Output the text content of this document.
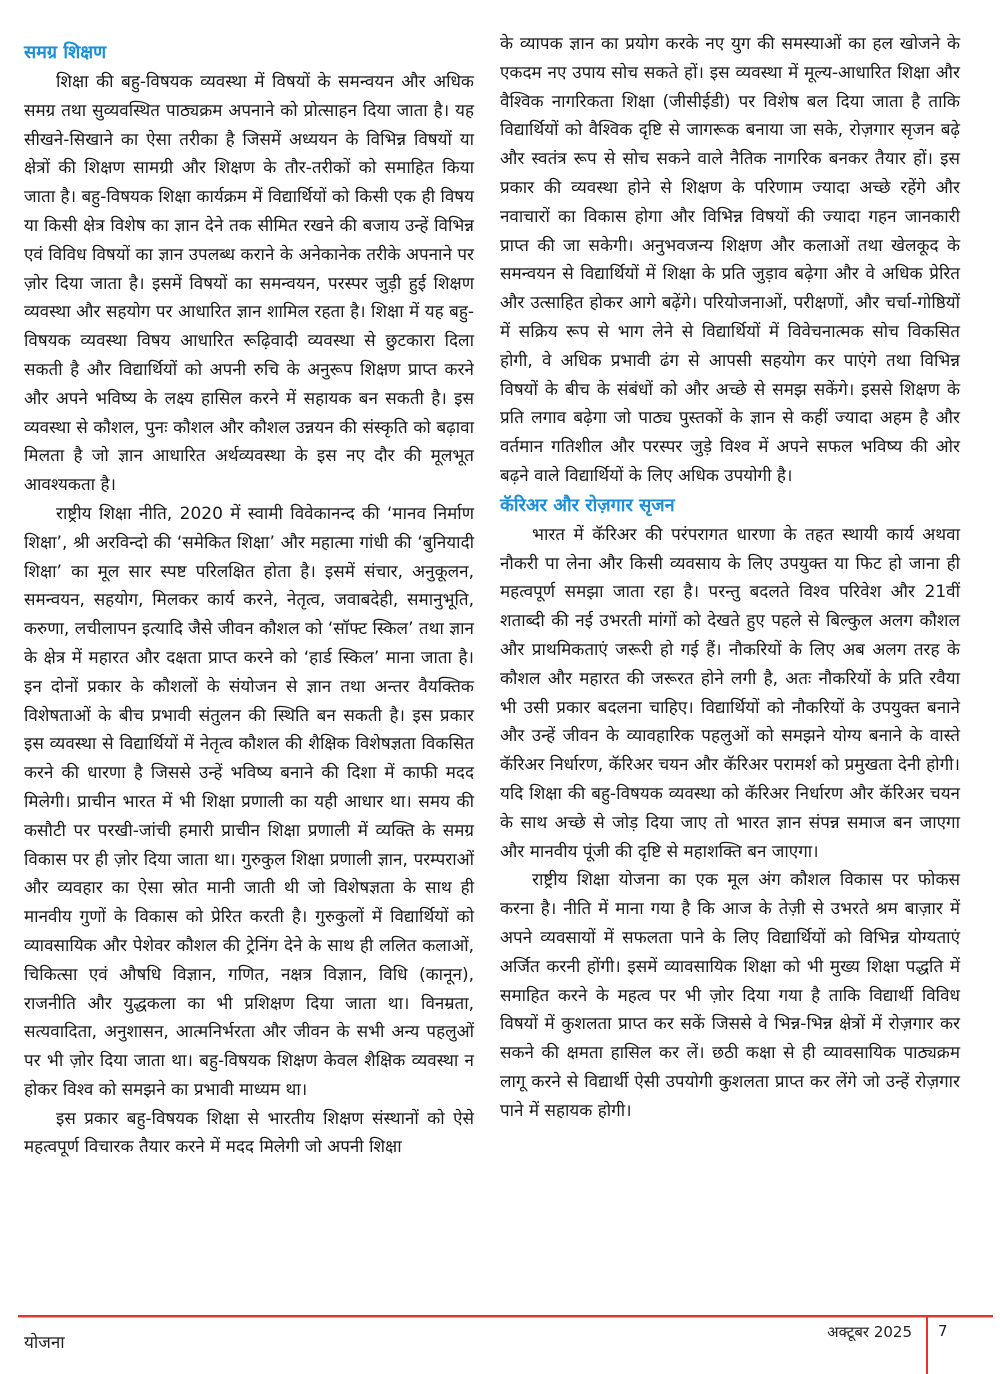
समग्र शिक्षण

शिक्षा की बहु-विषयक व्यवस्था में विषयों के समन्वयन और अधिक समग्र तथा सुव्यवस्थित पाठ्यक्रम अपनाने को प्रोत्साहन दिया जाता है। यह सीखने-सिखाने का ऐसा तरीका है जिसमें अध्ययन के विभिन्न विषयों या क्षेत्रों की शिक्षण सामग्री और शिक्षण के तौर-तरीकों को समाहित किया जाता है। बहु-विषयक शिक्षा कार्यक्रम में विद्यार्थियों को किसी एक ही विषय या किसी क्षेत्र विशेष का ज्ञान देने तक सीमित रखने की बजाय उन्हें विभिन्न एवं विविध विषयों का ज्ञान उपलब्ध कराने के अनेकानेक तरीके अपनाने पर ज़ोर दिया जाता है। इसमें विषयों का समन्वयन, परस्पर जुड़ी हुई शिक्षण व्यवस्था और सहयोग पर आधारित ज्ञान शामिल रहता है। शिक्षा में यह बहु-विषयक व्यवस्था विषय आधारित रूढ़िवादी व्यवस्था से छुटकारा दिला सकती है और विद्यार्थियों को अपनी रुचि के अनुरूप शिक्षण प्राप्त करने और अपने भविष्य के लक्ष्य हासिल करने में सहायक बन सकती है। इस व्यवस्था से कौशल, पुनः कौशल और कौशल उन्नयन की संस्कृति को बढ़ावा मिलता है जो ज्ञान आधारित अर्थव्यवस्था के इस नए दौर की मूलभूत आवश्यकता है।

राष्ट्रीय शिक्षा नीति, 2020 में स्वामी विवेकानन्द की ‘मानव निर्माण शिक्षा’, श्री अरविन्दो की ‘समेकित शिक्षा’ और महात्मा गांधी की ‘बुनियादी शिक्षा’ का मूल सार स्पष्ट परिलक्षित होता है। इसमें संचार, अनुकूलन, समन्वयन, सहयोग, मिलकर कार्य करने, नेतृत्व, जवाबदेही, समानुभूति, करुणा, लचीलापन इत्यादि जैसे जीवन कौशल को ‘सॉफ्ट स्किल’ तथा ज्ञान के क्षेत्र में महारत और दक्षता प्राप्त करने को ‘हार्ड स्किल’ माना जाता है। इन दोनों प्रकार के कौशलों के संयोजन से ज्ञान तथा अन्तर वैयक्तिक विशेषताओं के बीच प्रभावी संतुलन की स्थिति बन सकती है। इस प्रकार इस व्यवस्था से विद्यार्थियों में नेतृत्व कौशल की शैक्षिक विशेषज्ञता विकसित करने की धारणा है जिससे उन्हें भविष्य बनाने की दिशा में काफी मदद मिलेगी। प्राचीन भारत में भी शिक्षा प्रणाली का यही आधार था। समय की कसौटी पर परखी-जांची हमारी प्राचीन शिक्षा प्रणाली में व्यक्ति के समग्र विकास पर ही ज़ोर दिया जाता था। गुरुकुल शिक्षा प्रणाली ज्ञान, परम्पराओं और व्यवहार का ऐसा स्रोत मानी जाती थी जो विशेषज्ञता के साथ ही मानवीय गुणों के विकास को प्रेरित करती है। गुरुकुलों में विद्यार्थियों को व्यावसायिक और पेशेवर कौशल की ट्रेनिंग देने के साथ ही ललित कलाओं, चिकित्सा एवं औषधि विज्ञान, गणित, नक्षत्र विज्ञान, विधि (कानून), राजनीति और युद्धकला का भी प्रशिक्षण दिया जाता था। विनम्रता, सत्यवादिता, अनुशासन, आत्मनिर्भरता और जीवन के सभी अन्य पहलुओं पर भी ज़ोर दिया जाता था। बहु-विषयक शिक्षण केवल शैक्षिक व्यवस्था न होकर विश्व को समझने का प्रभावी माध्यम था।

इस प्रकार बहु-विषयक शिक्षा से भारतीय शिक्षण संस्थानों को ऐसे महत्वपूर्ण विचारक तैयार करने में मदद मिलेगी जो अपनी शिक्षा

के व्यापक ज्ञान का प्रयोग करके नए युग की समस्याओं का हल खोजने के एकदम नए उपाय सोच सकते हों। इस व्यवस्था में मूल्य-आधारित शिक्षा और वैश्विक नागरिकता शिक्षा (जीसीईडी) पर विशेष बल दिया जाता है ताकि विद्यार्थियों को वैश्विक दृष्टि से जागरूक बनाया जा सके, रोज़गार सृजन बढ़े और स्वतंत्र रूप से सोच सकने वाले नैतिक नागरिक बनकर तैयार हों। इस प्रकार की व्यवस्था होने से शिक्षण के परिणाम ज्यादा अच्छे रहेंगे और नवाचारों का विकास होगा और विभिन्न विषयों की ज्यादा गहन जानकारी प्राप्त की जा सकेगी। अनुभवजन्य शिक्षण और कलाओं तथा खेलकूद के समन्वयन से विद्यार्थियों में शिक्षा के प्रति जुड़ाव बढ़ेगा और वे अधिक प्रेरित और उत्साहित होकर आगे बढ़ेंगे। परियोजनाओं, परीक्षणों, और चर्चा-गोष्ठियों में सक्रिय रूप से भाग लेने से विद्यार्थियों में विवेचनात्मक सोच विकसित होगी, वे अधिक प्रभावी ढंग से आपसी सहयोग कर पाएंगे तथा विभिन्न विषयों के बीच के संबंधों को और अच्छे से समझ सकेंगे। इससे शिक्षण के प्रति लगाव बढ़ेगा जो पाठ्य पुस्तकों के ज्ञान से कहीं ज्यादा अहम है और वर्तमान गतिशील और परस्पर जुड़े विश्व में अपने सफल भविष्य की ओर बढ़ने वाले विद्यार्थियों के लिए अधिक उपयोगी है।

कॅरिअर और रोज़गार सृजन

भारत में कॅरिअर की परंपरागत धारणा के तहत स्थायी कार्य अथवा नौकरी पा लेना और किसी व्यवसाय के लिए उपयुक्त या फिट हो जाना ही महत्वपूर्ण समझा जाता रहा है। परन्तु बदलते विश्व परिवेश और 21वीं शताब्दी की नई उभरती मांगों को देखते हुए पहले से बिल्कुल अलग कौशल और प्राथमिकताएं जरूरी हो गई हैं। नौकरियों के लिए अब अलग तरह के कौशल और महारत की जरूरत होने लगी है, अतः नौकरियों के प्रति रवैया भी उसी प्रकार बदलना चाहिए। विद्यार्थियों को नौकरियों के उपयुक्त बनाने और उन्हें जीवन के व्यावहारिक पहलुओं को समझने योग्य बनाने के वास्ते कॅरिअर निर्धारण, कॅरिअर चयन और कॅरिअर परामर्श को प्रमुखता देनी होगी। यदि शिक्षा की बहु-विषयक व्यवस्था को कॅरिअर निर्धारण और कॅरिअर चयन के साथ अच्छे से जोड़ दिया जाए तो भारत ज्ञान संपन्न समाज बन जाएगा और मानवीय पूंजी की दृष्टि से महाशक्ति बन जाएगा।

राष्ट्रीय शिक्षा योजना का एक मूल अंग कौशल विकास पर फोकस करना है। नीति में माना गया है कि आज के तेज़ी से उभरते श्रम बाज़ार में अपने व्यवसायों में सफलता पाने के लिए विद्यार्थियों को विभिन्न योग्यताएं अर्जित करनी होंगी। इसमें व्यावसायिक शिक्षा को भी मुख्य शिक्षा पद्धति में समाहित करने के महत्व पर भी ज़ोर दिया गया है ताकि विद्यार्थी विविध विषयों में कुशलता प्राप्त कर सकें जिससे वे भिन्न-भिन्न क्षेत्रों में रोज़गार कर सकने की क्षमता हासिल कर लें। छठी कक्षा से ही व्यावसायिक पाठ्यक्रम लागू करने से विद्यार्थी ऐसी उपयोगी कुशलता प्राप्त कर लेंगे जो उन्हें रोज़गार पाने में सहायक होगी।

योजना
अक्टूबर 2025 7
